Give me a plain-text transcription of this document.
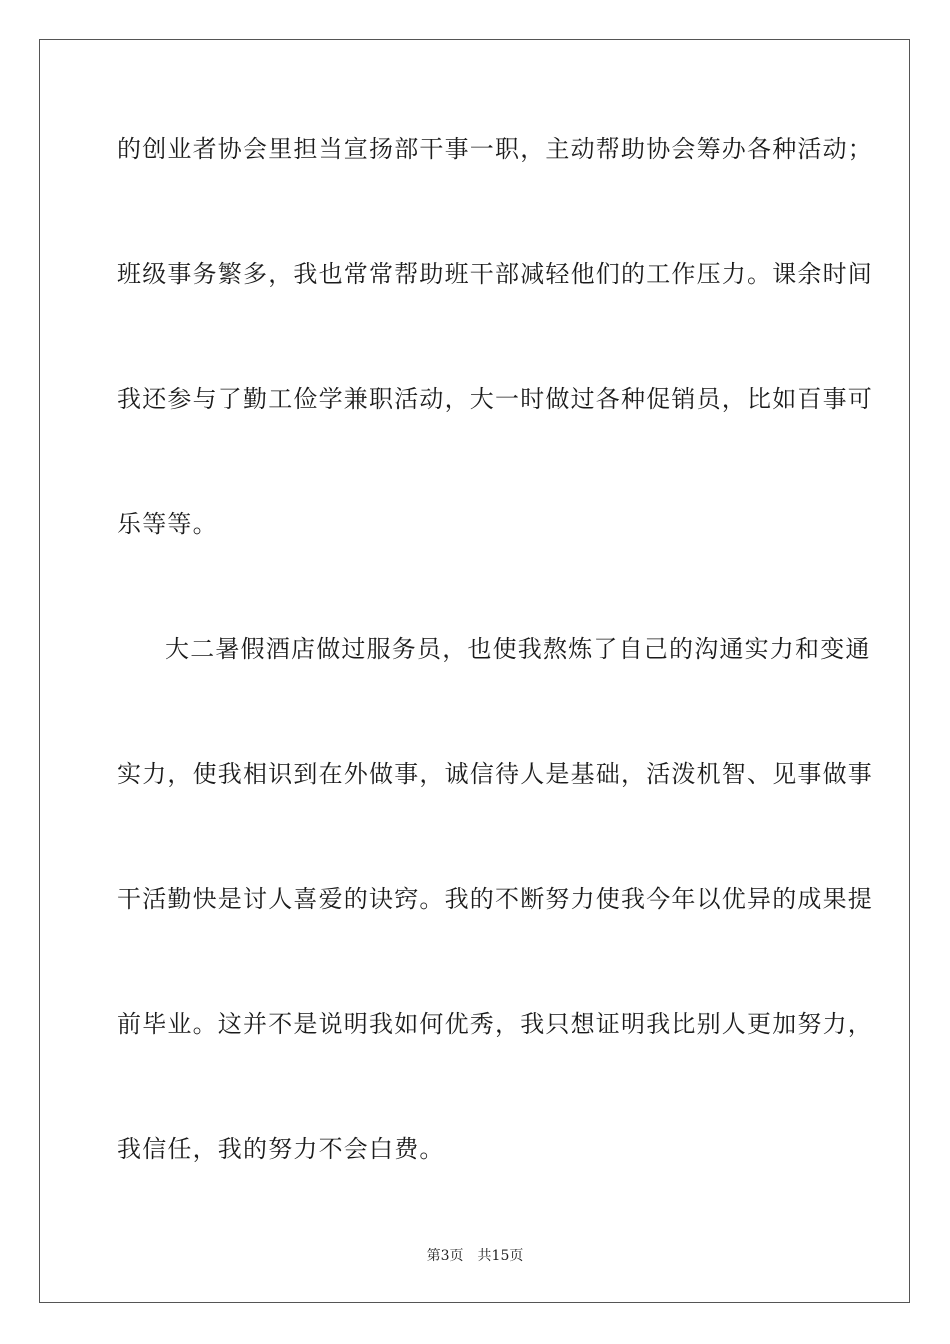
的创业者协会里担当宣扬部干事一职，主动帮助协会筹办各种活动；
班级事务繁多，我也常常帮助班干部减轻他们的工作压力。课余时间
我还参与了勤工俭学兼职活动，大一时做过各种促销员，比如百事可
乐等等。
大二暑假酒店做过服务员，也使我熬炼了自己的沟通实力和变通
实力，使我相识到在外做事，诚信待人是基础，活泼机智、见事做事
干活勤快是讨人喜爱的诀窍。我的不断努力使我今年以优异的成果提
前毕业。这并不是说明我如何优秀，我只想证明我比别人更加努力，
我信任，我的努力不会白费。
第3页 共15页
